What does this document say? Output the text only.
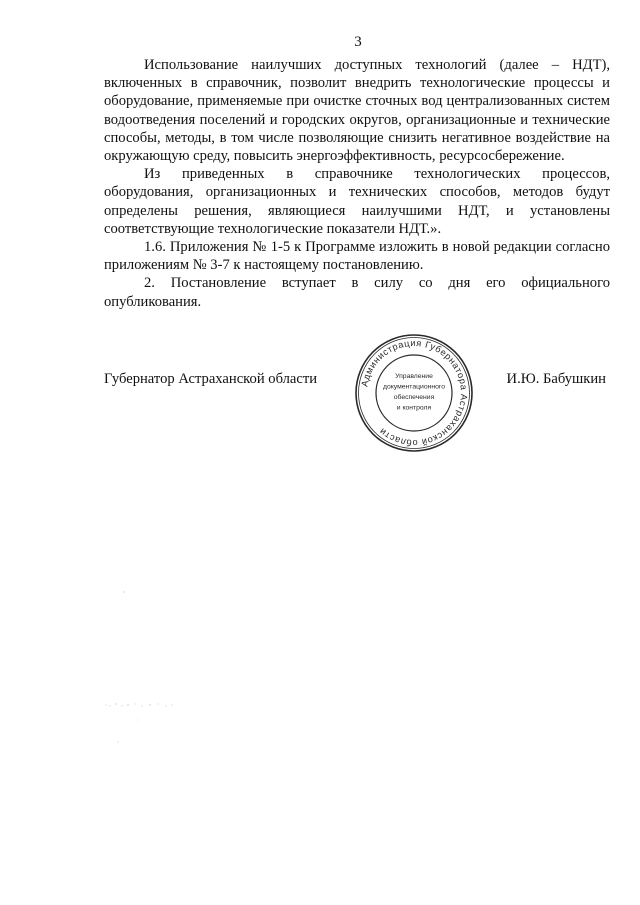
3

Использование наилучших доступных технологий (далее – НДТ), включенных в справочник, позволит внедрить технологические процессы и оборудование, применяемые при очистке сточных вод централизованных систем водоотведения поселений и городских округов, организационные и технические способы, методы, в том числе позволяющие снизить негативное воздействие на окружающую среду, повысить энергоэффективность, ресурсосбережение.

Из приведенных в справочнике технологических процессов, оборудования, организационных и технических способов, методов будут определены решения, являющиеся наилучшими НДТ, и установлены соответствующие технологические показатели НДТ.».

1.6. Приложения № 1-5 к Программе изложить в новой редакции согласно приложениям № 3-7 к настоящему постановлению.

2. Постановление вступает в силу со дня его официального опубликования.

Губернатор Астраханской области	И.Ю. Бабушкин
Администрация Губернатора Астраханской области
Управление
документационного
обеспечения
и контроля
